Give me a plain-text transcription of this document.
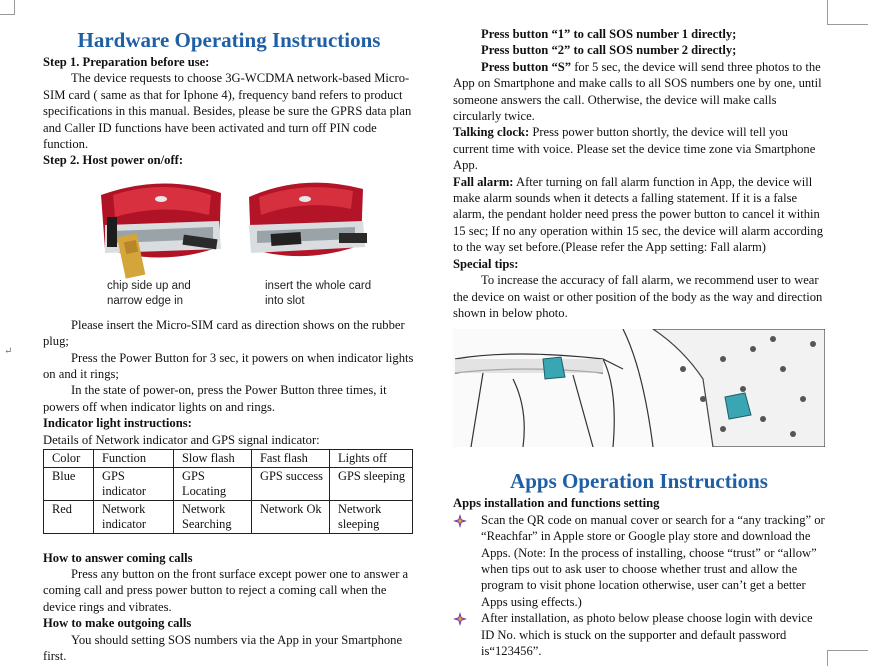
↵
Hardware Operating Instructions

Step 1. Preparation before use:

The device requests to choose 3G-WCDMA network-based Micro-SIM card ( same as that for Iphone 4), frequency band refers to product specifications in this manual. Besides, please be sure the GPRS data plan and Caller ID functions have been activated and turn off PIN code function.

Step 2. Host power on/off:

chip side up and narrow edge in
insert the whole card into slot

Please insert the Micro-SIM card as direction shows on the rubber plug;

Press the Power Button for 3 sec, it powers on when indicator lights on and it rings;

In the state of power-on, press the Power Button three times, it powers off when indicator lights on and rings.

Indicator light instructions:

Details of Network indicator and GPS signal indicator:

Color	Function	Slow flash	Fast flash	Lights off
Blue	GPS indicator	GPS Locating	GPS success	GPS sleeping
Red	Network indicator	Network Searching	Network Ok	Network sleeping

How to answer coming calls

Press any button on the front surface except power one to answer a coming call and press power button to reject a coming call when the device rings and vibrates.

How to make outgoing calls

You should setting SOS numbers via the App in your Smartphone first.

Press button “1” to call SOS number 1 directly;

Press button “2” to call SOS number 2 directly;

Press button “S” for 5 sec, the device will send three photos to the App on Smartphone and make calls to all SOS numbers one by one, until someone answers the call. Otherwise, the device will make calls circularly twice.

Talking clock: Press power button shortly, the device will tell you current time with voice. Please set the device time zone via Smartphone App.

Fall alarm: After turning on fall alarm function in App, the device will make alarm sounds when it detects a falling statement. If it is a false alarm, the pendant holder need press the power button to cancel it within 15 sec; If no any operation within 15 sec, the device will alarm according to the way set before.(Please refer the App setting: Fall alarm)

Special tips:

To increase the accuracy of fall alarm, we recommend user to wear the device on waist or other position of the body as the way and direction shown in below photo.

Apps Operation Instructions

Apps installation and functions setting

Scan the QR code on manual cover or search for a “any tracking” or “Reachfar” in Apple store or Google play store and download the Apps. (Note: In the process of installing, choose “trust” or “allow” when tips out to ask user to choose whether trust and allow the program to visit phone location otherwise, user can’t get a better Apps using effects.)
After installation, as photo below please choose login with device ID No. which is stuck on the supporter and default password is“123456”.
